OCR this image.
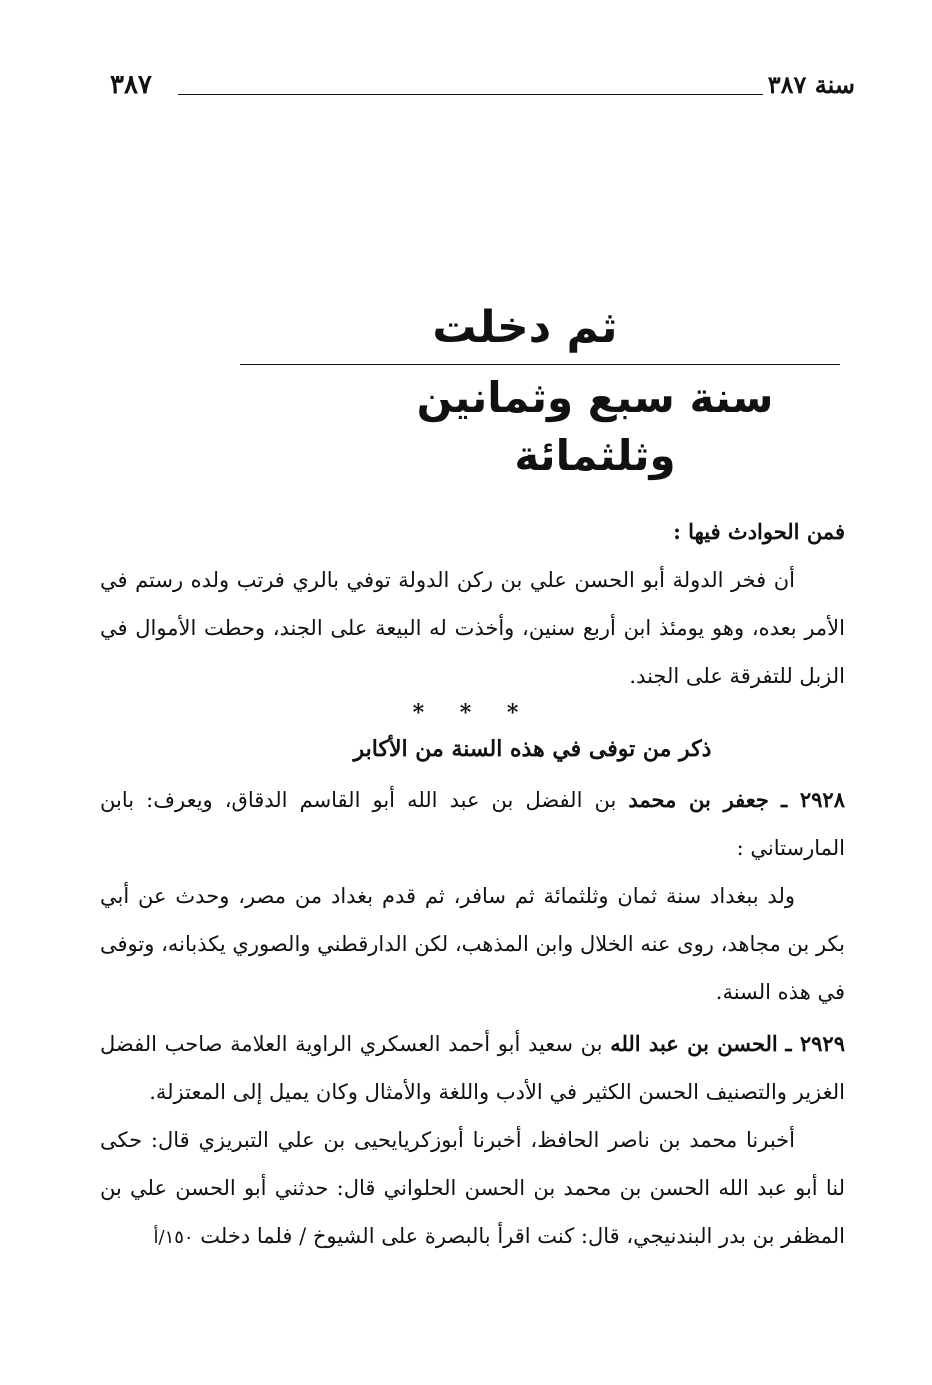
سنة ٣٨٧
٣٨٧
ثم دخلت
سنة سبع وثمانين وثلثمائة

فمن الحوادث فيها :

أن فخر الدولة أبو الحسن علي بن ركن الدولة توفي بالري فرتب ولده رستم في الأمر بعده، وهو يومئذ ابن أربع سنين، وأخذت له البيعة على الجند، وحطت الأموال في الزبل للتفرقة على الجند.

* * *

ذكر من توفى في هذه السنة من الأكابر

٢٩٢٨ ـ جعفر بن محمد بن الفضل بن عبد الله أبو القاسم الدقاق، ويعرف: بابن المارستاني :

ولد ببغداد سنة ثمان وثلثمائة ثم سافر، ثم قدم بغداد من مصر، وحدث عن أبي بكر بن مجاهد، روى عنه الخلال وابن المذهب، لكن الدارقطني والصوري يكذبانه، وتوفى في هذه السنة.

٢٩٢٩ ـ الحسن بن عبد الله بن سعيد أبو أحمد العسكري الراوية العلامة صاحب الفضل الغزير والتصنيف الحسن الكثير في الأدب واللغة والأمثال وكان يميل إلى المعتزلة.

أخبرنا محمد بن ناصر الحافظ، أخبرنا أبوزكريايحيى بن علي التبريزي قال: حكى لنا أبو عبد الله الحسن بن محمد بن الحسن الحلواني قال: حدثني أبو الحسن علي بن المظفر بن بدر البندنيجي، قال: كنت اقرأ بالبصرة على الشيوخ / فلما دخلت ١٥٠/أ
